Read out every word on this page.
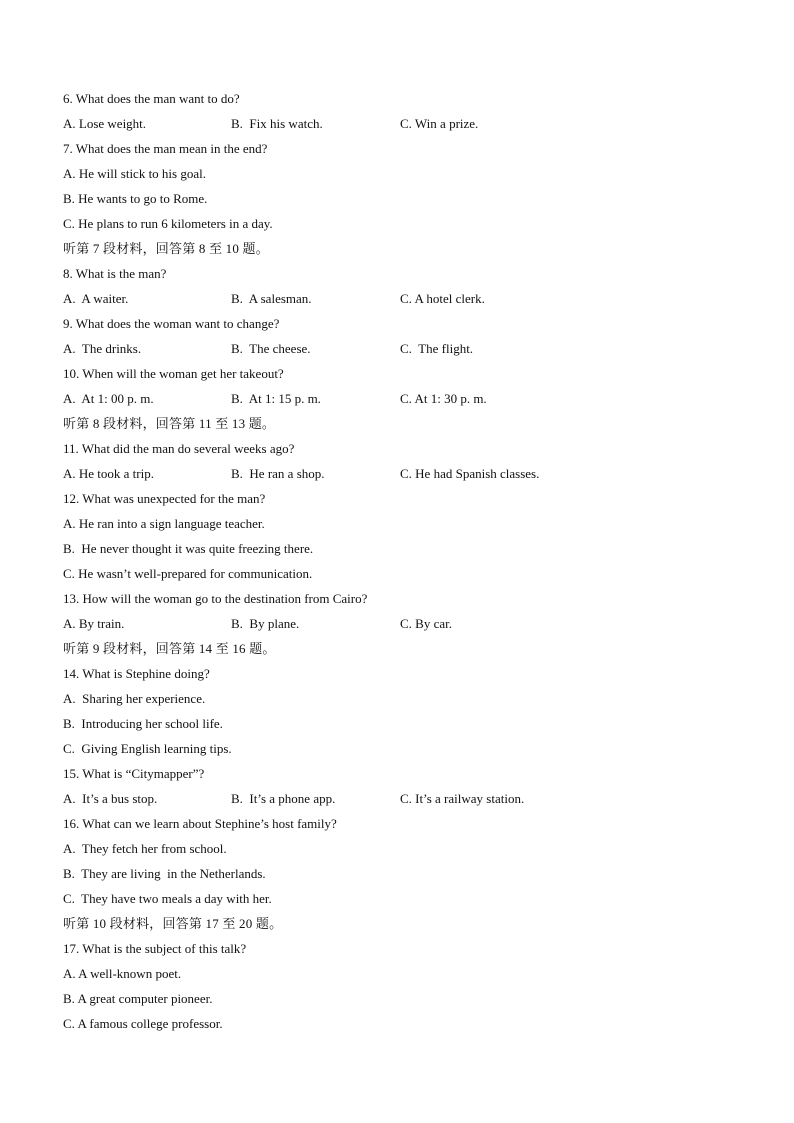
6. What does the man want to do?
A. Lose weight.	B.  Fix his watch.	C. Win a prize.
7. What does the man mean in the end?
A. He will stick to his goal.
B. He wants to go to Rome.
C. He plans to run 6 kilometers in a day.
听第 7 段材料，回答第 8 至 10 题。
8. What is the man?
A.  A waiter.	B.  A salesman.	C. A hotel clerk.
9. What does the woman want to change?
A.  The drinks.	B.  The cheese.	C.  The flight.
10. When will the woman get her takeout?
A.  At 1: 00 p. m.	B.  At 1: 15 p. m.	C. At 1: 30 p. m.
听第 8 段材料，回答第 11 至 13 题。
11. What did the man do several weeks ago?
A. He took a trip.	B.  He ran a shop.	C. He had Spanish classes.
12. What was unexpected for the man?
A. He ran into a sign language teacher.
B.  He never thought it was quite freezing there.
C. He wasn’t well-prepared for communication.
13. How will the woman go to the destination from Cairo?
A. By train.	B.  By plane.	C. By car.
听第 9 段材料，回答第 14 至 16 题。
14. What is Stephine doing?
A.  Sharing her experience.
B.  Introducing her school life.
C.  Giving English learning tips.
15. What is “Citymapper”?
A.  It’s a bus stop.	B.  It’s a phone app.	C. It’s a railway station.
16. What can we learn about Stephine’s host family?
A.  They fetch her from school.
B.  They are living  in the Netherlands.
C.  They have two meals a day with her.
听第 10 段材料，回答第 17 至 20 题。
17. What is the subject of this talk?
A. A well-known poet.
B. A great computer pioneer.
C. A famous college professor.
